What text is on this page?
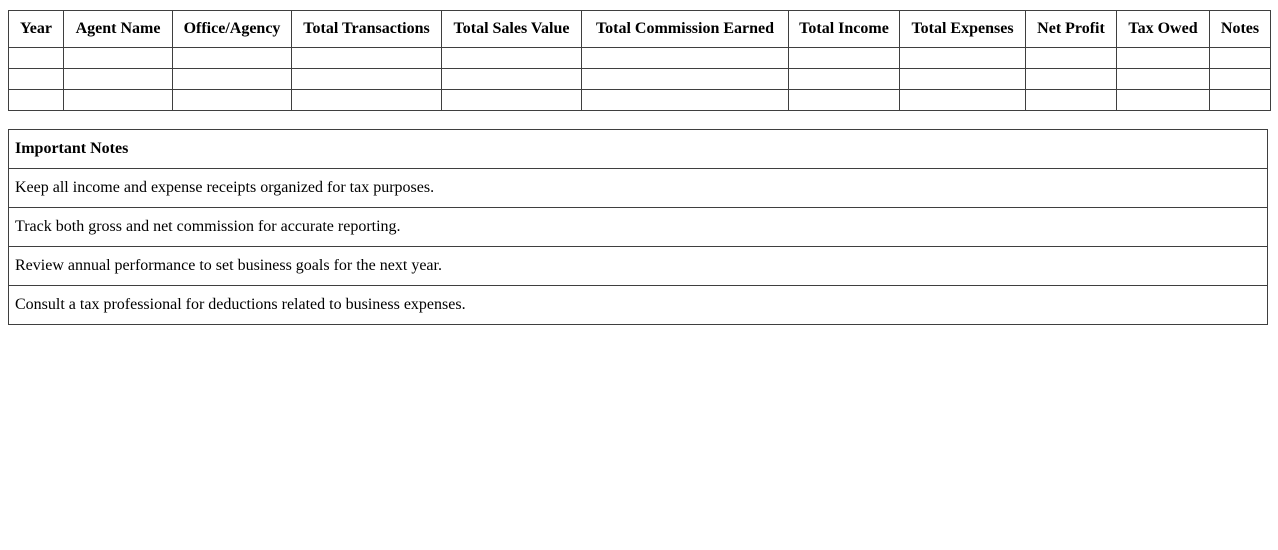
Year	Agent Name	Office/Agency	Total Transactions	Total Sales Value	Total Commission Earned	Total Income	Total Expenses	Net Profit	Tax Owed	Notes

Important Notes
Keep all income and expense receipts organized for tax purposes.
Track both gross and net commission for accurate reporting.
Review annual performance to set business goals for the next year.
Consult a tax professional for deductions related to business expenses.
